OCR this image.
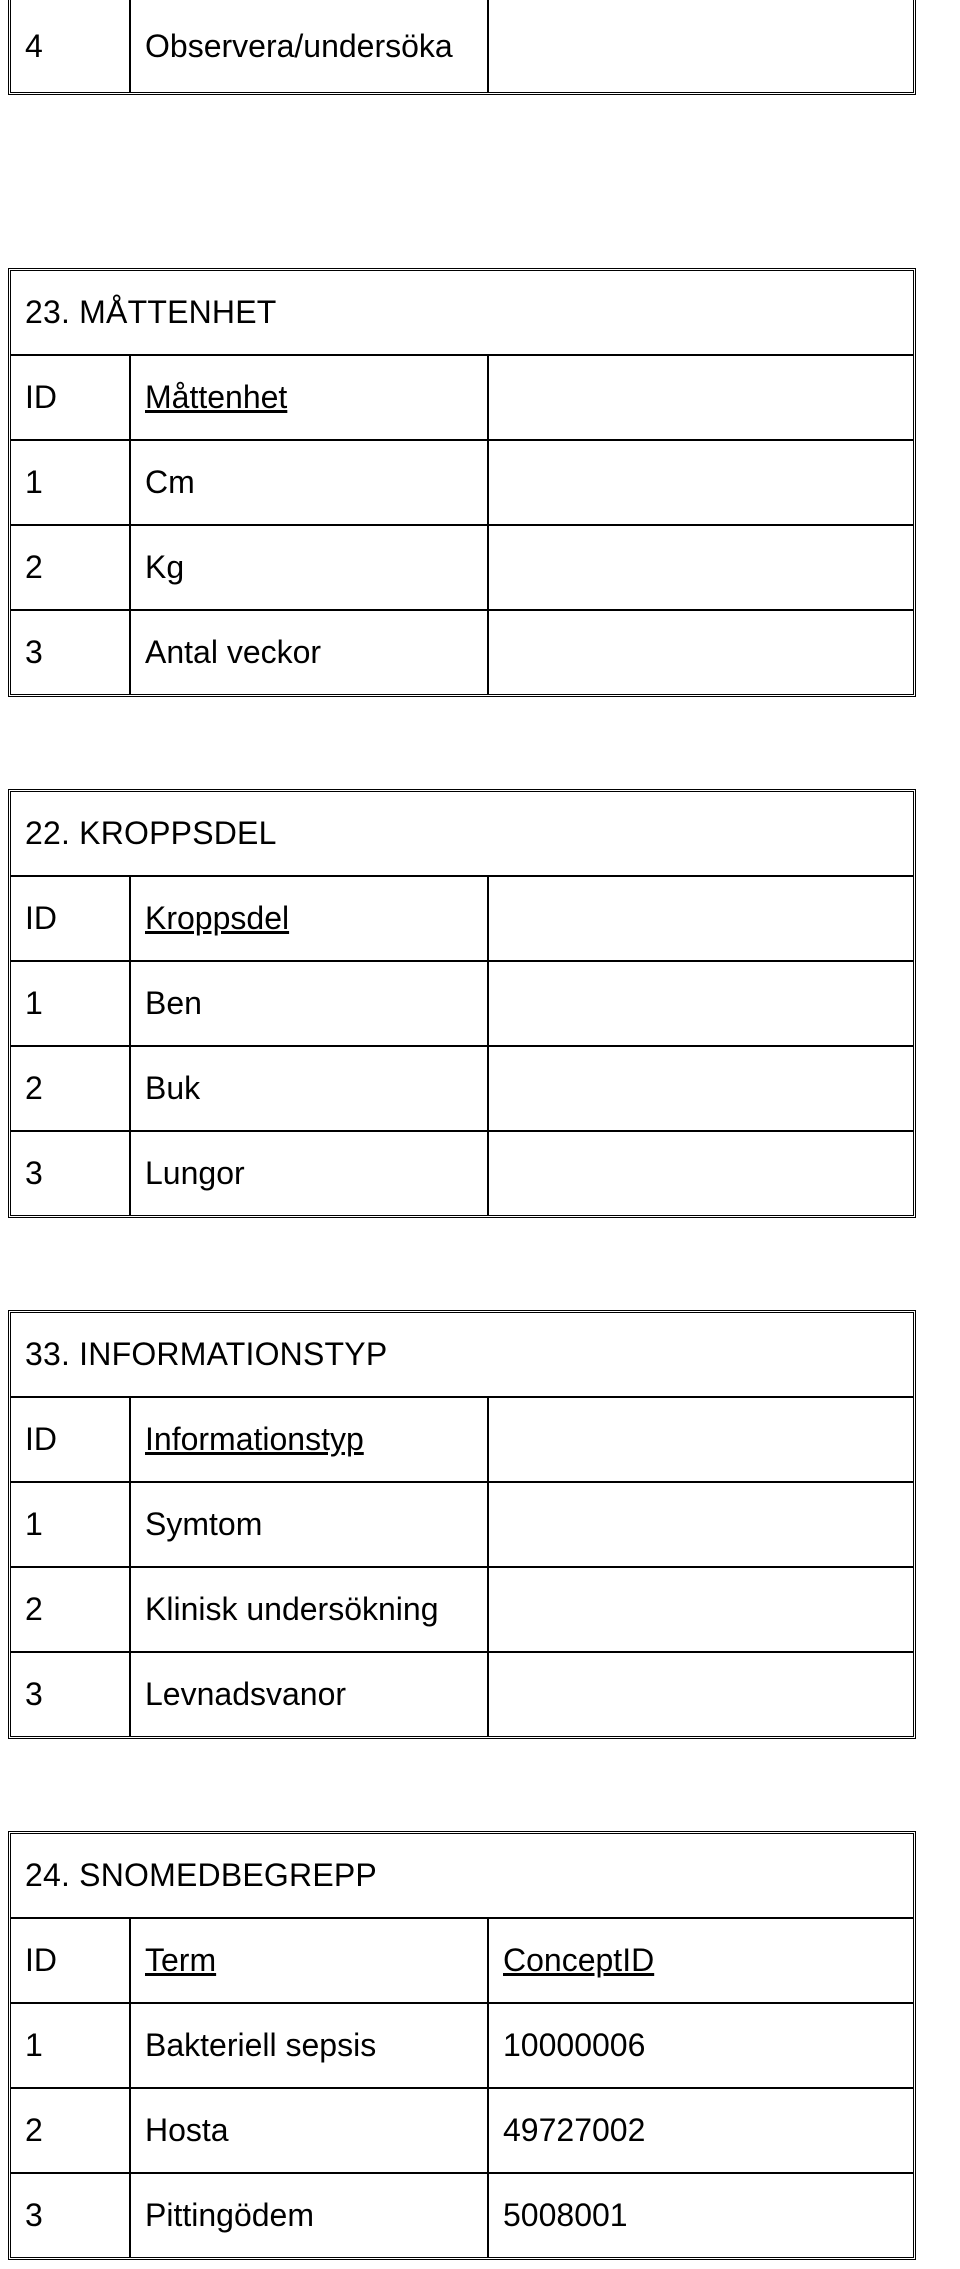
4	Observera/undersöka	
23. MÅTTENHET		
ID	Måttenhet	
1	Cm	
2	Kg	
3	Antal veckor	
22. KROPPSDEL		
ID	Kroppsdel	
1	Ben	
2	Buk	
3	Lungor	
33. INFORMATIONSTYP		
ID	Informationstyp	
1	Symtom	
2	Klinisk undersökning	
3	Levnadsvanor	
24. SNOMEDBEGREPP		
ID	Term	ConceptID
1	Bakteriell sepsis	10000006
2	Hosta	49727002
3	Pittingödem	5008001
